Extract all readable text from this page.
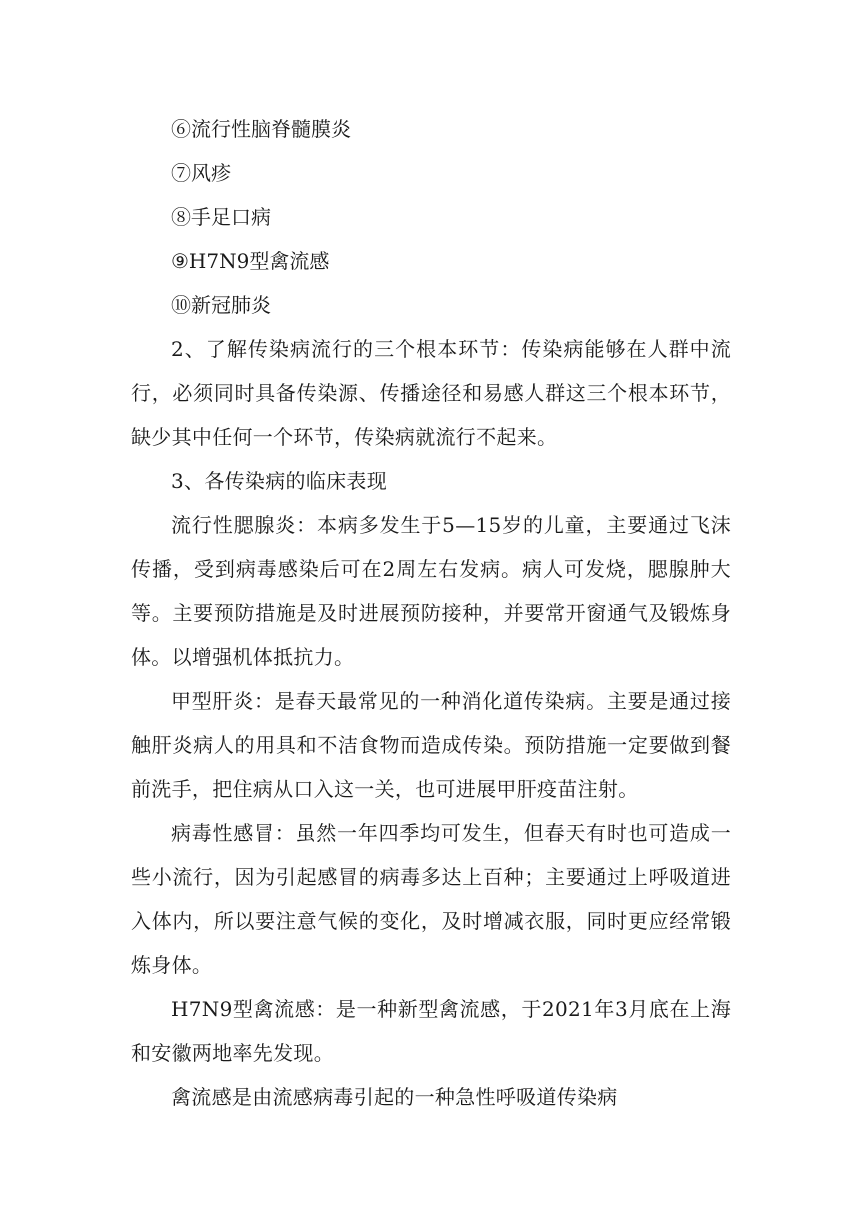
⑥流行性脑脊髓膜炎

⑦风疹

⑧手足口病

⑨H7N9型禽流感

⑩新冠肺炎

2、了解传染病流行的三个根本环节：传染病能够在人群中流行，必须同时具备传染源、传播途径和易感人群这三个根本环节，缺少其中任何一个环节，传染病就流行不起来。

3、各传染病的临床表现

流行性腮腺炎：本病多发生于5—15岁的儿童，主要通过飞沫传播，受到病毒感染后可在2周左右发病。病人可发烧，腮腺肿大等。主要预防措施是及时进展预防接种，并要常开窗通气及锻炼身体。以增强机体抵抗力。

甲型肝炎：是春天最常见的一种消化道传染病。主要是通过接触肝炎病人的用具和不洁食物而造成传染。预防措施一定要做到餐前洗手，把住病从口入这一关，也可进展甲肝疫苗注射。

病毒性感冒：虽然一年四季均可发生，但春天有时也可造成一些小流行，因为引起感冒的病毒多达上百种；主要通过上呼吸道进入体内，所以要注意气候的变化，及时增减衣服，同时更应经常锻炼身体。

H7N9型禽流感：是一种新型禽流感，于2021年3月底在上海和安徽两地率先发现。

禽流感是由流感病毒引起的一种急性呼吸道传染病
